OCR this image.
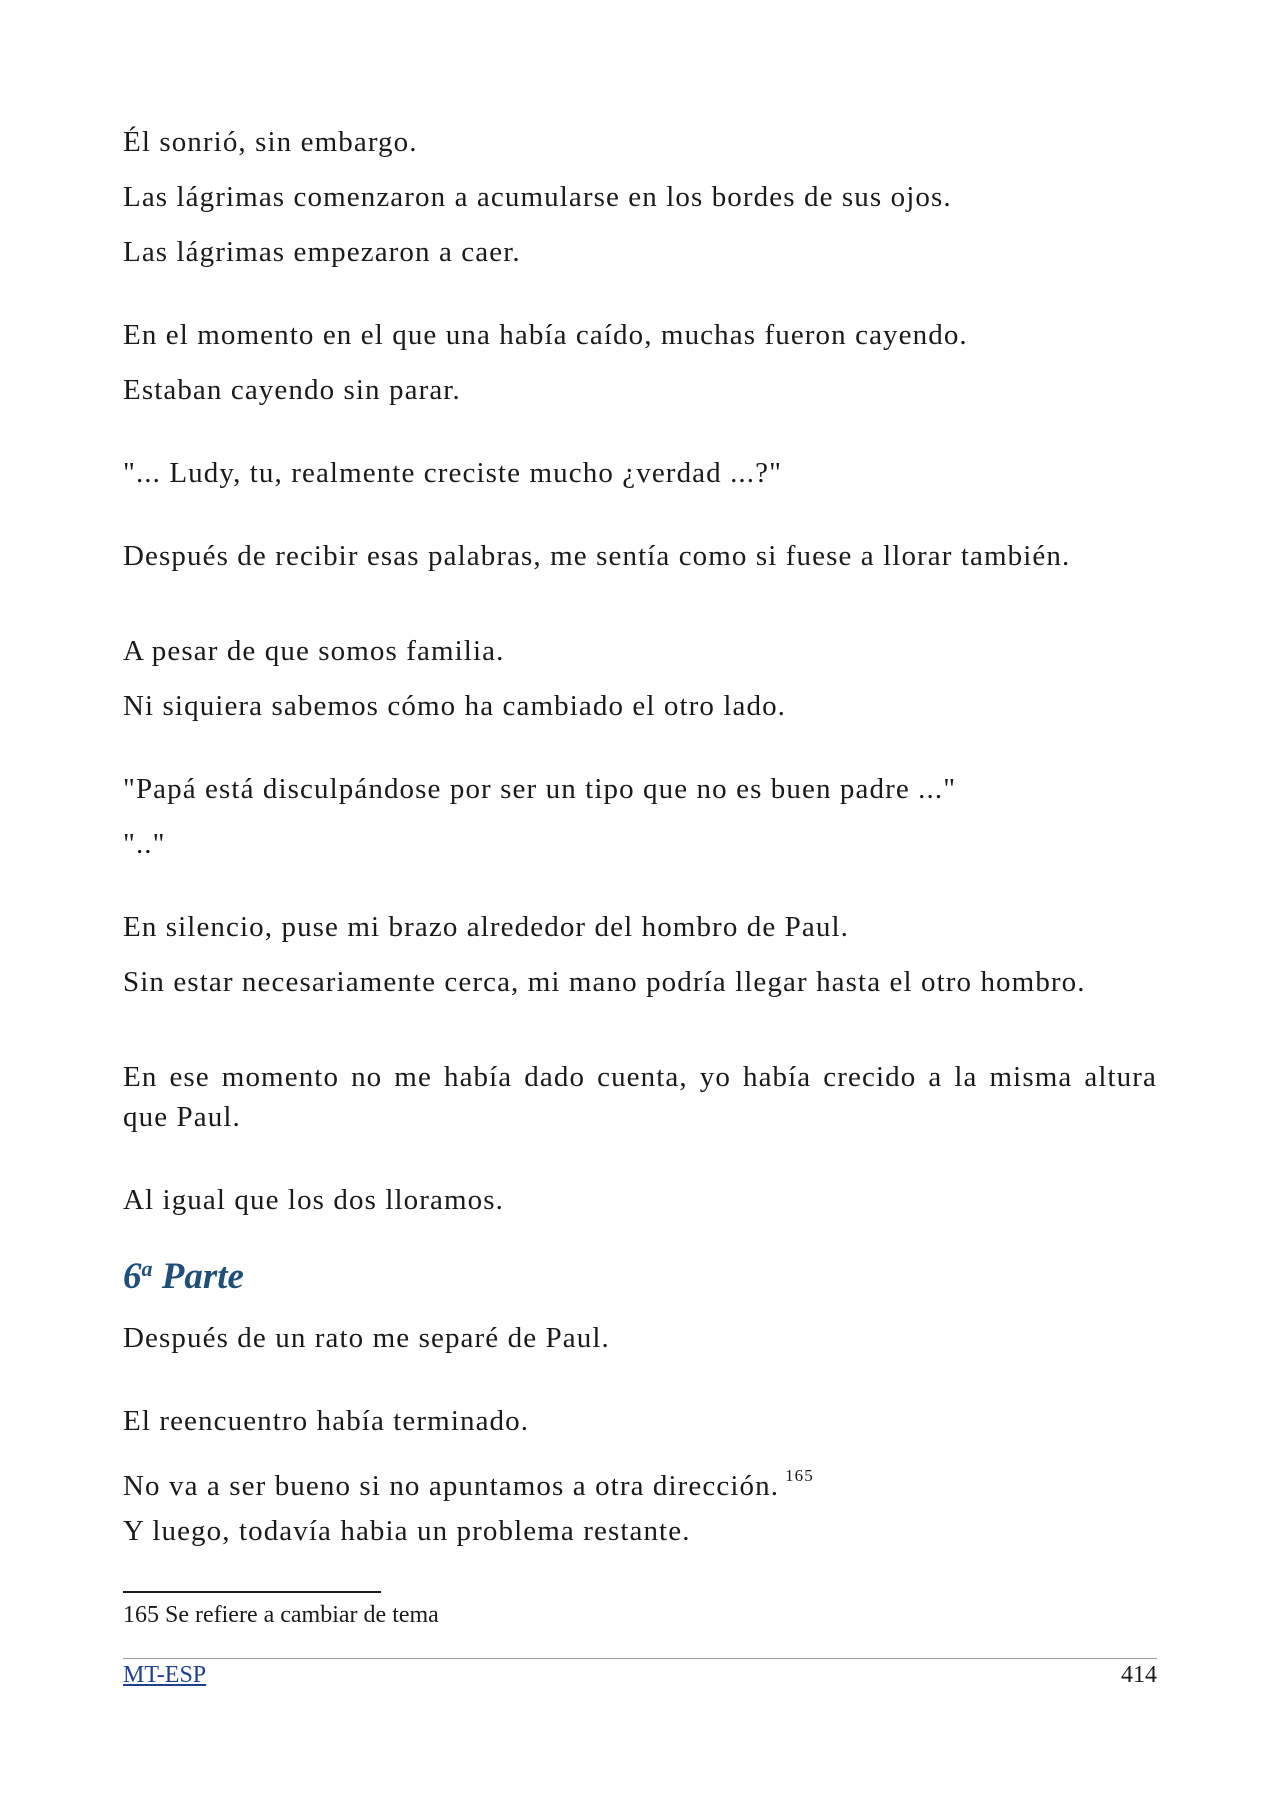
Él sonrió, sin embargo.

Las lágrimas comenzaron a acumularse en los bordes de sus ojos.

Las lágrimas empezaron a caer.

En el momento en el que una había caído, muchas fueron cayendo.

Estaban cayendo sin parar.

"... Ludy, tu, realmente creciste mucho ¿verdad ...?"

Después de recibir esas palabras, me sentía como si fuese a llorar también.

A pesar de que somos familia.

Ni siquiera sabemos cómo ha cambiado el otro lado.

"Papá está disculpándose por ser un tipo que no es buen padre ..."

".."

En silencio, puse mi brazo alrededor del hombro de Paul.

Sin estar necesariamente cerca, mi mano podría llegar hasta el otro hombro.

En ese momento no me había dado cuenta, yo había crecido a la misma altura que Paul.

Al igual que los dos lloramos.

6$^a$ Parte

Después de un rato me separé de Paul.

El reencuentro había terminado.

No va a ser bueno si no apuntamos a otra dirección. $^{165}$

Y luego, todavía habia un problema restante.

165 Se refiere a cambiar de tema

MT-ESP	414
